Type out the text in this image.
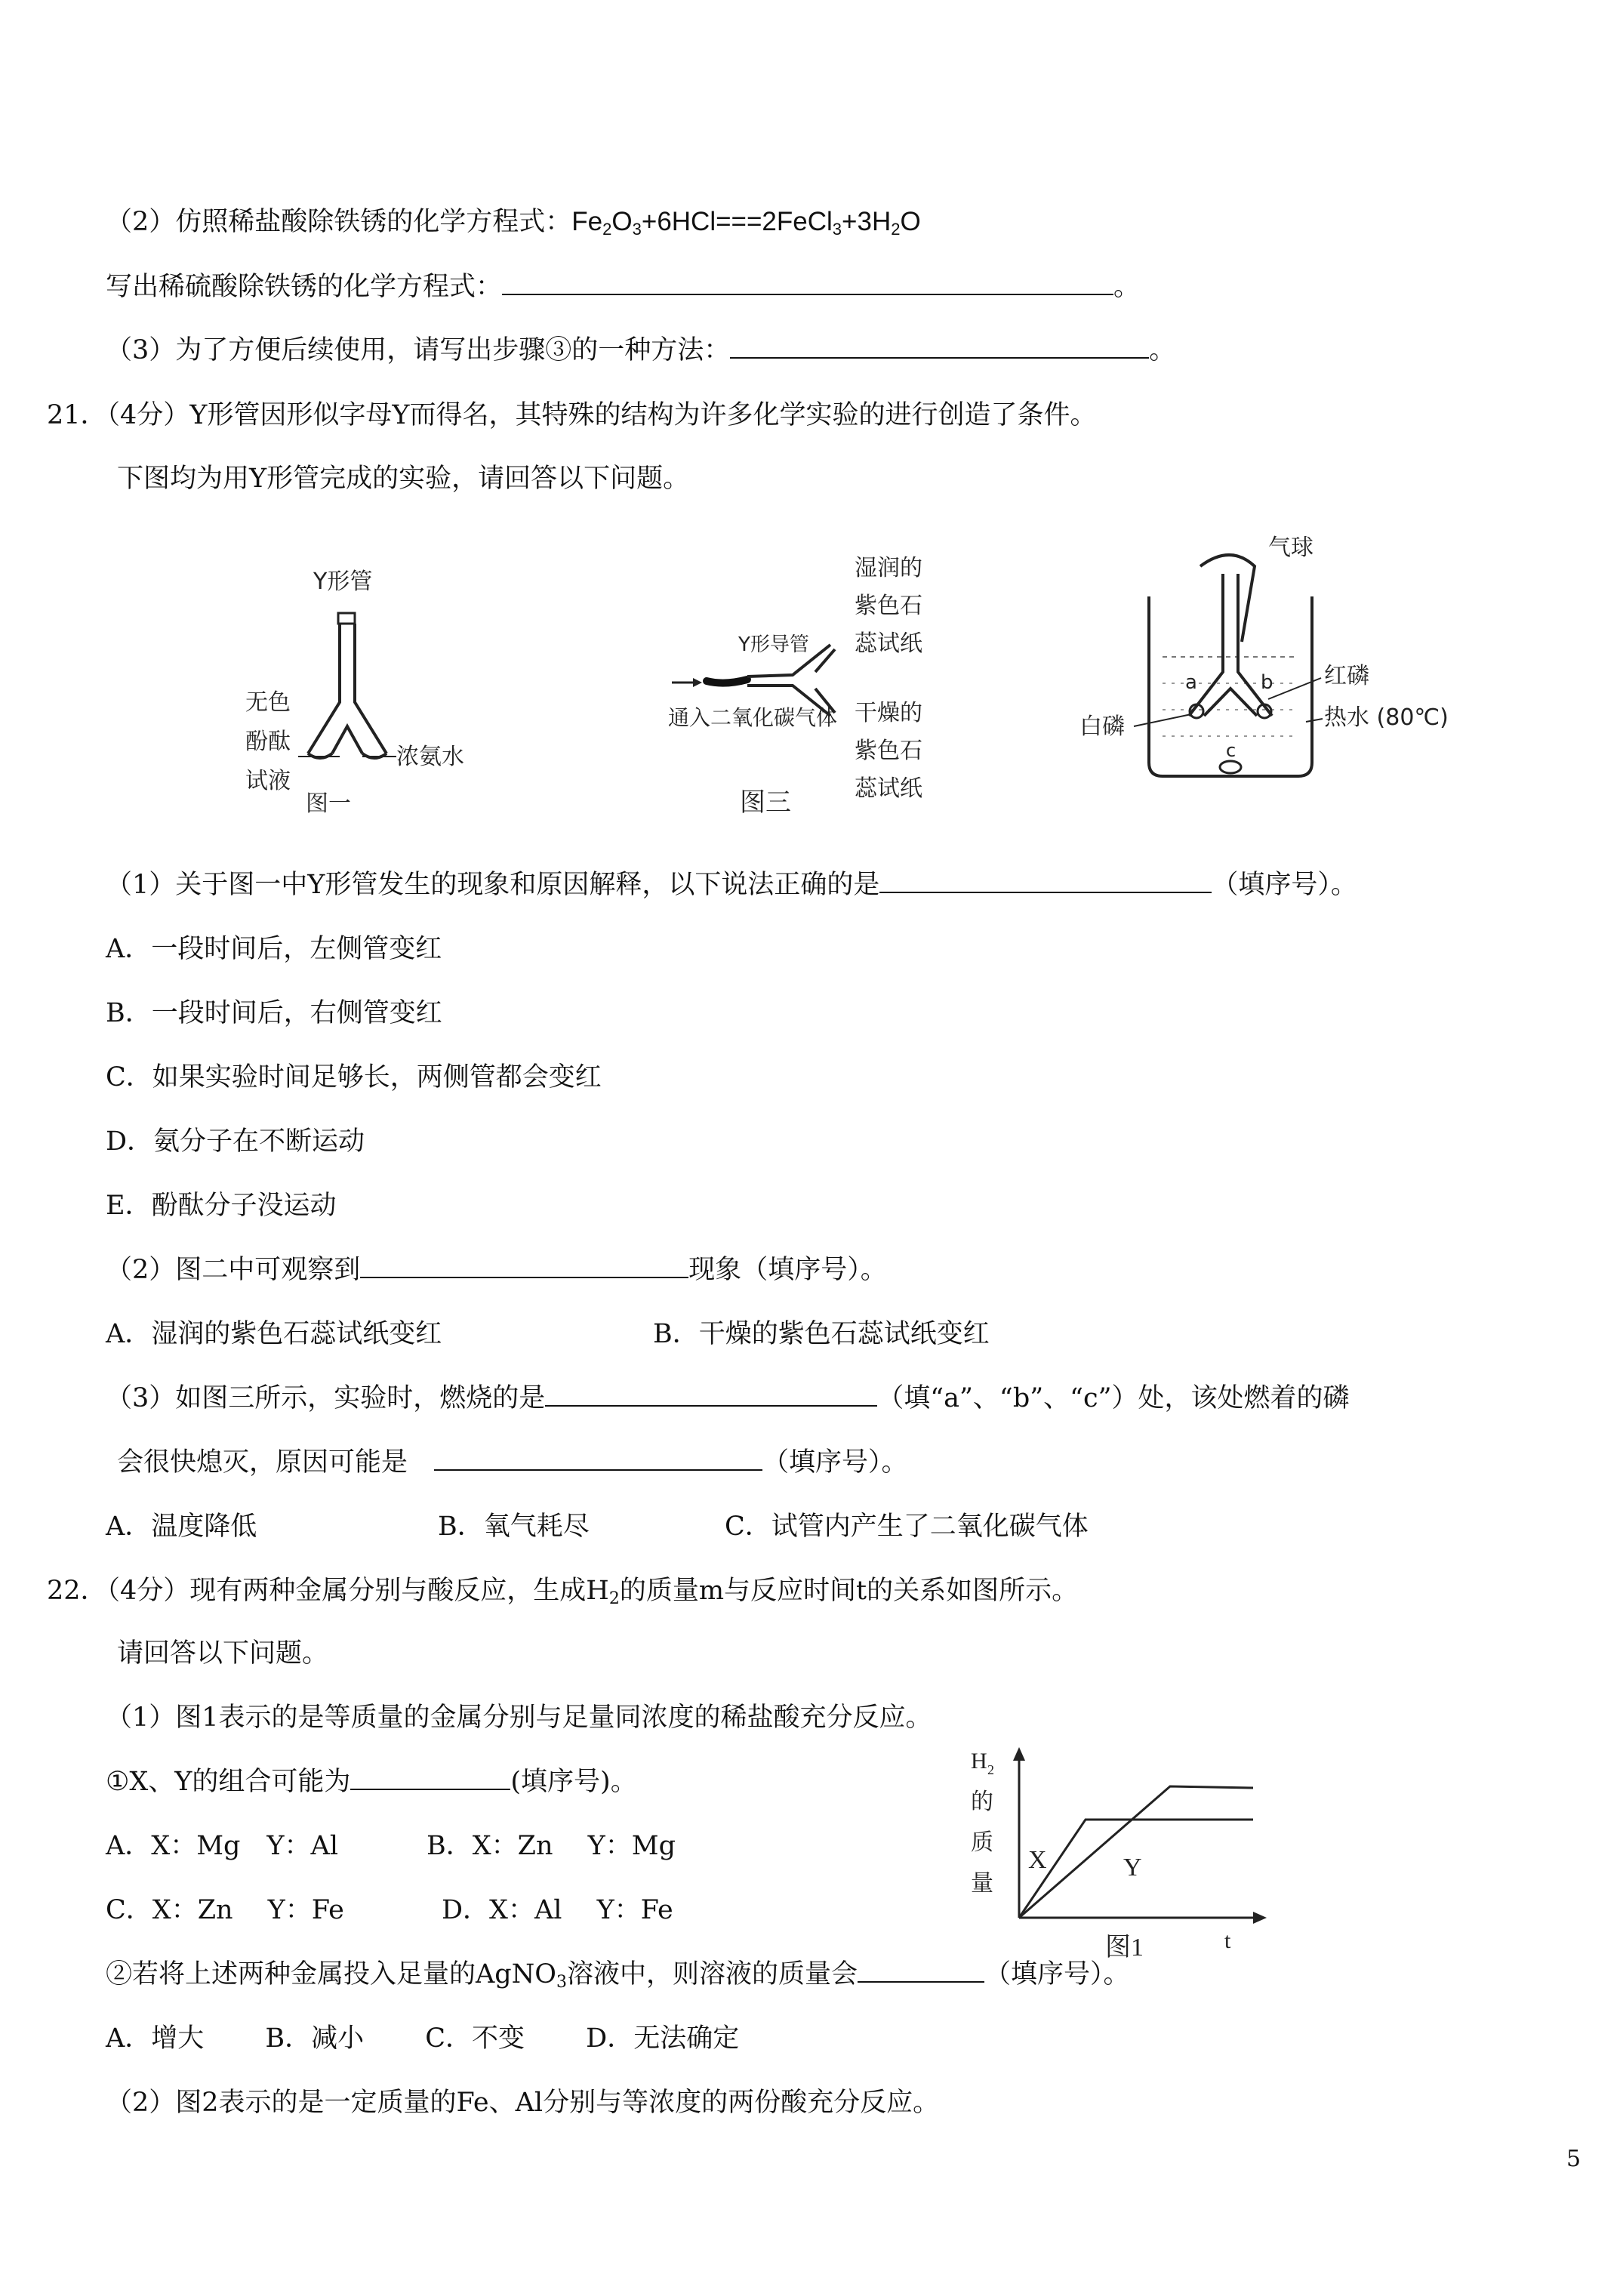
（2）仿照稀盐酸除铁锈的化学方程式：$Fe_2O_3+6HCl===2FeCl_3+3H_2O$
写出稀硫酸除铁锈的化学方程式：	。
（3）为了方便后续使用，请写出步骤③的一种方法：	。
21．（4分）Y形管因形似字母Y而得名，其特殊的结构为许多化学实验的进行创造了条件。
下图均为用Y形管完成的实验，请回答以下问题。
Y形管
无色
酚酞
试液
浓氨水
图一
湿润的
紫色石
蕊试纸
Y形导管
通入二氧化碳气体 干燥的
紫色石
蕊试纸
图三
气球
a	b
c
红磷
白磷	热水 (80℃)
（1）关于图一中Y形管发生的现象和原因解释，以下说法正确的是	（填序号）。
A．一段时间后，左侧管变红
B．一段时间后，右侧管变红
C．如果实验时间足够长，两侧管都会变红
D．氨分子在不断运动
E．酚酞分子没运动
（2）图二中可观察到	现象（填序号）。
A．湿润的紫色石蕊试纸变红	B．干燥的紫色石蕊试纸变红
（3）如图三所示，实验时，燃烧的是	（填“a”、“b”、“c”）处，该处燃着的磷
会很快熄灭，原因可能是　	（填序号）。
A．温度降低	B．氧气耗尽	C．试管内产生了二氧化碳气体
22．（4分）现有两种金属分别与酸反应，生成$H_2$的质量m与反应时间t的关系如图所示。
请回答以下问题。
（1）图1表示的是等质量的金属分别与足量同浓度的稀盐酸充分反应。
①X、Y的组合可能为	(填序号)。
A．X：Mg　Y：Al	B．X：Zn　 Y：Mg
C．X：Zn　 Y：Fe	D．X：Al　 Y：Fe
H 2
的
质
量
X	Y
t
图1
②若将上述两种金属投入足量的AgNO$_3$溶液中，则溶液的质量会	（填序号）。
A．增大　　 B．减小　　 C．不变　　 D．无法确定
（2）图2表示的是一定质量的Fe、Al分别与等浓度的两份酸充分反应。
5
